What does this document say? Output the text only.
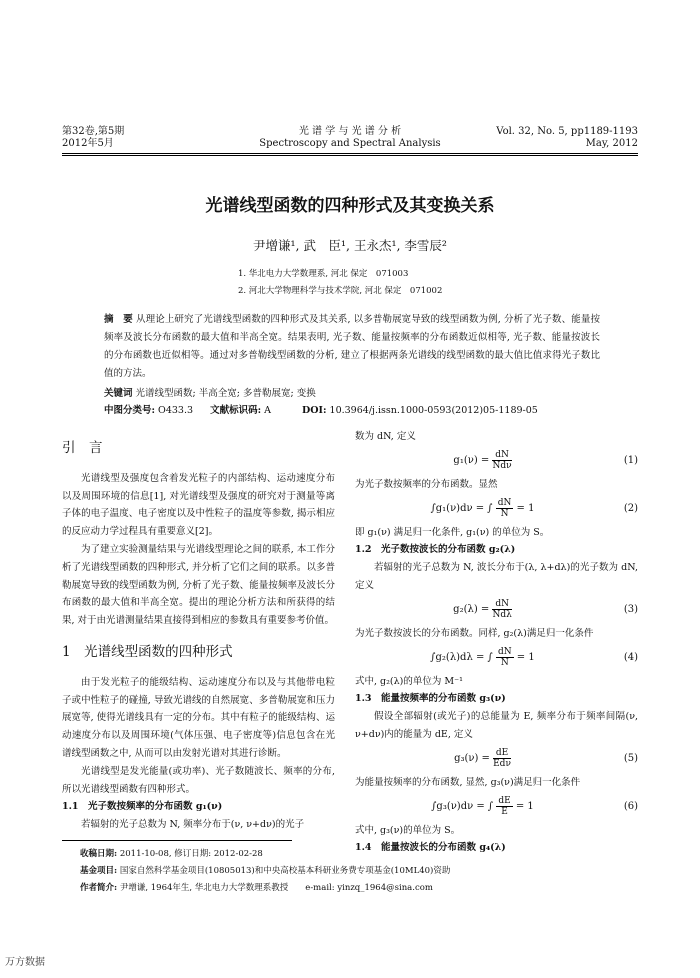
第32卷,第5期
2012年5月
光 谱 学 与 光 谱 分 析
Spectroscopy and Spectral Analysis
Vol. 32, No. 5, pp1189-1193
May, 2012
光谱线型函数的四种形式及其变换关系
尹增谦¹, 武　臣¹, 王永杰¹, 李雪辰²
1. 华北电力大学数理系, 河北 保定　071003
2. 河北大学物理科学与技术学院, 河北 保定　071002
摘　要 从理论上研究了光谱线型函数的四种形式及其关系, 以多普勒展宽导致的线型函数为例, 分析了光子数、能量按频率及波长分布函数的最大值和半高全宽。结果表明, 光子数、能量按频率的分布函数近似相等, 光子数、能量按波长的分布函数也近似相等。通过对多普勒线型函数的分析, 建立了根据两条光谱线的线型函数的最大值比值求得光子数比值的方法。
关键词 光谱线型函数; 半高全宽; 多普勒展宽; 变换
中图分类号: O433.3 文献标识码: A	DOI: 10.3964/j.issn.1000-0593(2012)05-1189-05
引　言

光谱线型及强度包含着发光粒子的内部结构、运动速度分布以及周围环境的信息[1], 对光谱线型及强度的研究对于测量等离子体的电子温度、电子密度以及中性粒子的温度等参数, 揭示相应的反应动力学过程具有重要意义[2]。

为了建立实验测量结果与光谱线型理论之间的联系, 本工作分析了光谱线型函数的四种形式, 并分析了它们之间的联系。以多普勒展宽导致的线型函数为例, 分析了光子数、能量按频率及波长分布函数的最大值和半高全宽。提出的理论分析方法和所获得的结果, 对于由光谱测量结果直接得到相应的参数具有重要参考价值。

1　光谱线型函数的四种形式

由于发光粒子的能级结构、运动速度分布以及与其他带电粒子或中性粒子的碰撞, 导致光谱线的自然展宽、多普勒展宽和压力展宽等, 使得光谱线具有一定的分布。其中有粒子的能级结构、运动速度分布以及周围环境(气体压强、电子密度等)信息包含在光谱线型函数之中, 从而可以由发射光谱对其进行诊断。

光谱线型是发光能量(或功率)、光子数随波长、频率的分布, 所以光谱线型函数有四种形式。

1.1　光子数按频率的分布函数 g₁(ν)

若辐射的光子总数为 N, 频率分布于(ν, ν+dν)的光子

数为 dN, 定义
$g_1(\nu) = \frac{dN}{\text{Ndν}}$	(1)
为光子数按频率的分布函数。显然
∫g₁(ν)dν = ∫ $\frac{dN}{N} = 1$	(2)
即 g₁(ν) 满足归一化条件, g₁(ν) 的单位为 S。
1.2　光子数按波长的分布函数 g₂(λ)

若辐射的光子总数为 N, 波长分布于(λ, λ+dλ)的光子数为 dN, 定义

$g_2(\lambda) = \frac{dN}{\text{Ndλ}}$	(3)
为光子数按波长的分布函数。同样, g₂(λ)满足归一化条件
∫g₂(λ)dλ = ∫ $\frac{dN}{N} = 1$	(4)
式中, g₂(λ)的单位为 M⁻¹
1.3　能量按频率的分布函数 g₃(ν)

假设全部辐射(或光子)的总能量为 E, 频率分布于频率间隔(ν, ν+dν)内的能量为 dE, 定义

$g_3(\nu) = \frac{dE}{\text{Edν}}$	(5)
为能量按频率的分布函数, 显然, g₃(ν)满足归一化条件
∫g₃(ν)dν = ∫ $\frac{dE}{E} = 1$	(6)
式中, g₃(ν)的单位为 S。
1.4　能量按波长的分布函数 g₄(λ)
收稿日期: 2011-10-08, 修订日期: 2012-02-28
基金项目: 国家自然科学基金项目(10805013)和中央高校基本科研业务费专项基金(10ML40)资助
作者简介: 尹增谦, 1964年生, 华北电力大学数理系教授　　e-mail: yinzq_1964@sina.com
万方数据
